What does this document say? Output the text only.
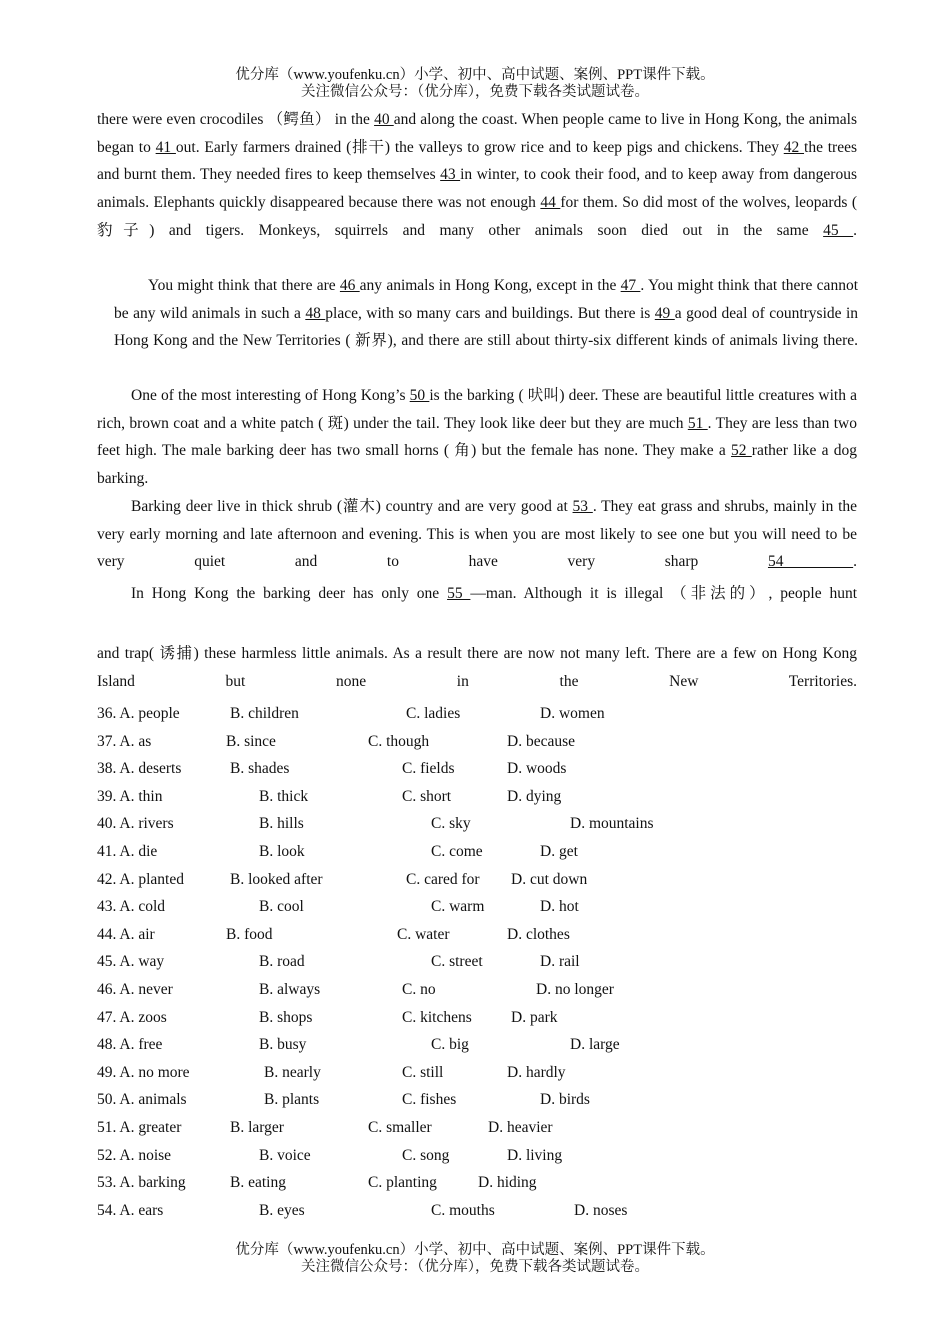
优分库（www.youfenku.cn）小学、初中、高中试题、案例、PPT课件下载。
关注微信公众号：（优分库），免费下载各类试题试卷。

there were even crocodiles （鳄鱼） in the 40 and along the coast. When people came to live in Hong Kong, the animals began to 41 out. Early farmers drained (排干) the valleys to grow rice and to keep pigs and chickens. They 42 the trees and burnt them. They needed fires to keep themselves 43 in winter, to cook their food, and to keep away from dangerous animals. Elephants quickly disappeared because there was not enough 44 for them. So did most of the wolves, leopards ( 豹子) and tigers. Monkeys, squirrels and many other animals soon died out in the same 45 .

You might think that there are 46 any animals in Hong Kong, except in the 47 . You might think that there cannot be any wild animals in such a 48 place, with so many cars and buildings. But there is 49 a good deal of countryside in Hong Kong and the New Territories ( 新界), and there are still about thirty-six different kinds of animals living there.

One of the most interesting of Hong Kong’s 50 is the barking ( 吠叫) deer. These are beautiful little creatures with a rich, brown coat and a white patch ( 斑) under the tail. They look like deer but they are much 51 . They are less than two feet high. The male barking deer has two small horns ( 角) but the female has none. They make a 52 rather like a dog barking.

Barking deer live in thick shrub (灌木) country and are very good at 53 . They eat grass and shrubs, mainly in the very early morning and late afternoon and evening. This is when you are most likely to see one but you will need to be very quiet and to have very sharp 54 .

In Hong Kong the barking deer has only one 55 —man. Although it is illegal （非法的）, people hunt

and trap( 诱捕) these harmless little animals. As a result there are now not many left. There are a few on Hong Kong Island but none in the New Territories.

36. A. people	B. children	C. ladies	D. women
37. A. as	B. since	C. though	D. because
38. A. deserts	B. shades	C. fields	D. woods
39. A. thin	B. thick	C. short	D. dying
40. A. rivers	B. hills	C. sky	D. mountains
41. A. die	B. look	C. come	D. get
42. A. planted	B. looked after	C. cared for D. cut down
43. A. cold	B. cool	C. warm	D. hot
44. A. air	B. food	C. water	D. clothes
45. A. way	B. road	C. street	D. rail
46. A. never	B. always	C. no	D. no longer
47. A. zoos	B. shops	C. kitchens	D. park
48. A. free	B. busy	C. big	D. large
49. A. no more	B. nearly	C. still	D. hardly
50. A. animals	B. plants	C. fishes	D. birds
51. A. greater	B. larger	C. smaller	D. heavier
52. A. noise	B. voice	C. song	D. living
53. A. barking	B. eating	C. planting	D. hiding
54. A. ears	B. eyes	C. mouths	D. noses
优分库（www.youfenku.cn）小学、初中、高中试题、案例、PPT课件下载。
关注微信公众号：（优分库），免费下载各类试题试卷。
